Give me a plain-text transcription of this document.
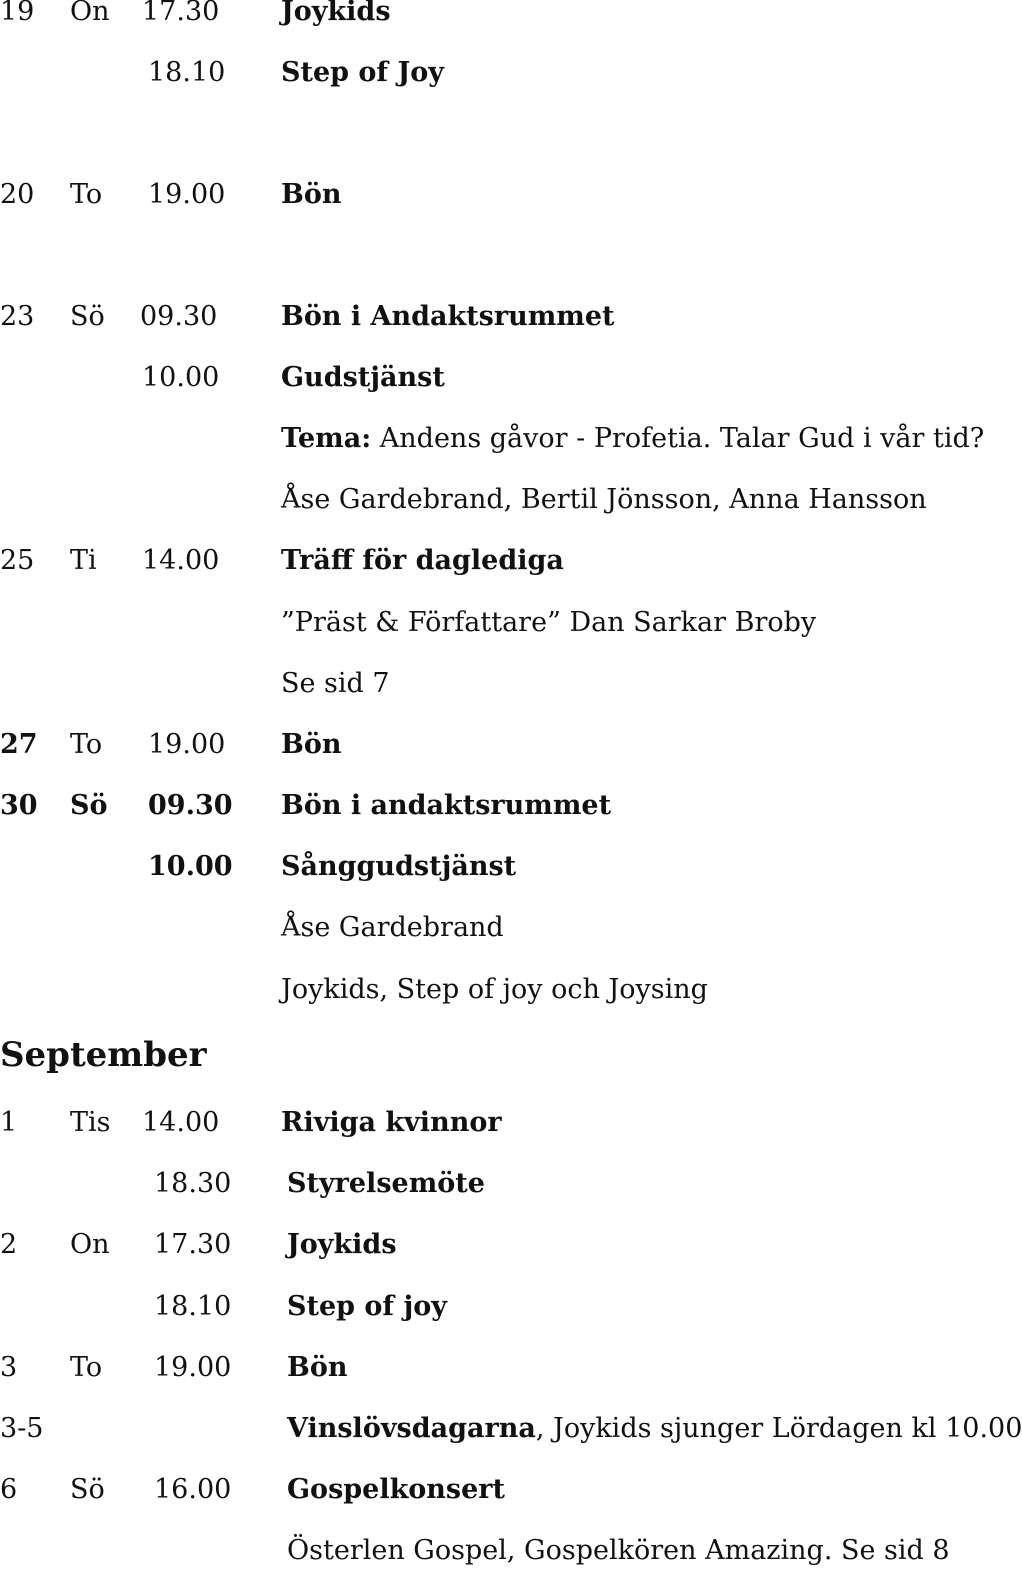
19 On 17.30 Joykids
18.10 Step of Joy
20 To 19.00 Bön
23 Sö 09.30 Bön i Andaktsrummet
10.00 Gudstjänst
Tema: Andens gåvor - Profetia. Talar Gud i vår tid?
Åse Gardebrand, Bertil Jönsson, Anna Hansson
25 Ti 14.00 Träff för daglediga
”Präst & Författare” Dan Sarkar Broby
Se sid 7
27 To 19.00 Bön
30 Sö 09.30 Bön i andaktsrummet
10.00 Sånggudstjänst
Åse Gardebrand
Joykids, Step of joy och Joysing
September
1 Tis 14.00 Riviga kvinnor
18.30 Styrelsemöte
2 On 17.30 Joykids
18.10 Step of joy
3 To 19.00 Bön
3-5	Vinslövsdagarna, Joykids sjunger Lördagen kl 10.00
6 Sö 16.00 Gospelkonsert
Österlen Gospel, Gospelkören Amazing. Se sid 8
